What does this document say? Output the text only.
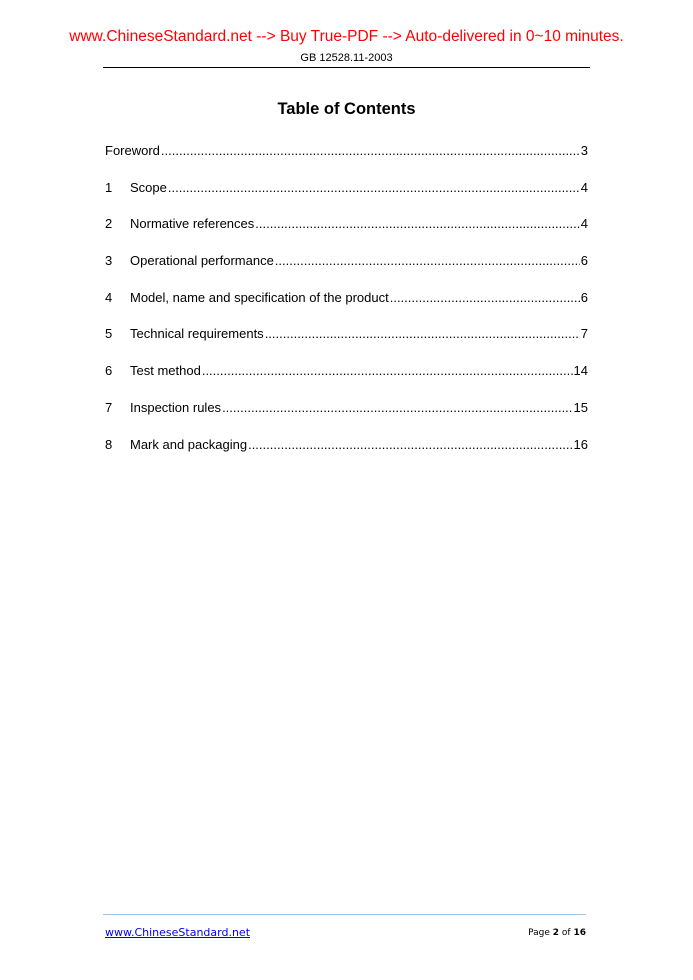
www.ChineseStandard.net --> Buy True-PDF --> Auto-delivered in 0~10 minutes.
GB 12528.11-2003
Table of Contents
Foreword .....	3
1	Scope .....	4
2	Normative references .....	4
3	Operational performance .....	6
4	Model, name and specification of the product .....	6
5	Technical requirements .....	7
6	Test method .....	14
7	Inspection rules .....	15
8	Mark and packaging .....	16
www.ChineseStandard.net	Page 2 of 16
